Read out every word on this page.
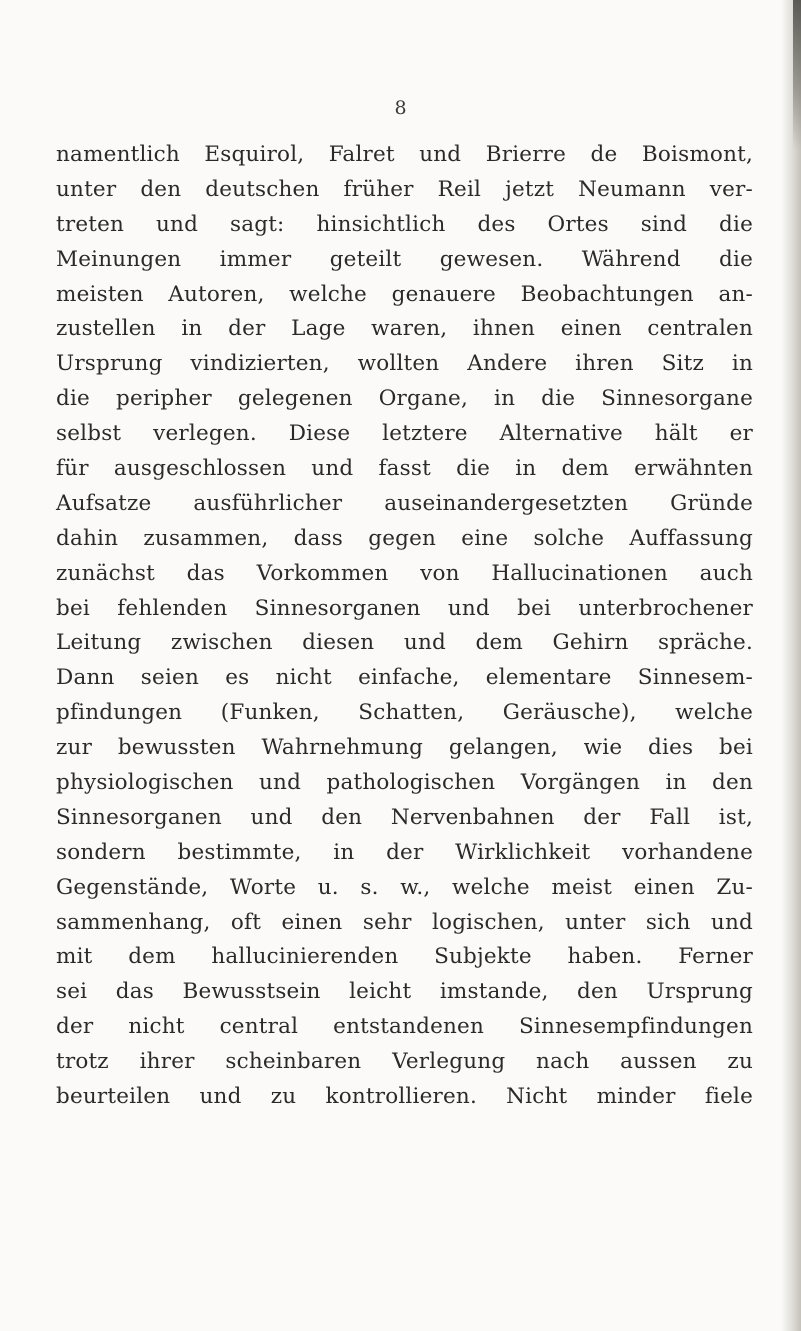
8
namentlich Esquirol, Falret und Brierre de Boismont,
unter den deutschen früher Reil jetzt Neumann ver-
treten und sagt: hinsichtlich des Ortes sind die
Meinungen immer geteilt gewesen. Während die
meisten Autoren, welche genauere Beobachtungen an-
zustellen in der Lage waren, ihnen einen centralen
Ursprung vindizierten, wollten Andere ihren Sitz in
die peripher gelegenen Organe, in die Sinnesorgane
selbst verlegen. Diese letztere Alternative hält er
für ausgeschlossen und fasst die in dem erwähnten
Aufsatze ausführlicher auseinandergesetzten Gründe
dahin zusammen, dass gegen eine solche Auffassung
zunächst das Vorkommen von Hallucinationen auch
bei fehlenden Sinnesorganen und bei unterbrochener
Leitung zwischen diesen und dem Gehirn spräche.
Dann seien es nicht einfache, elementare Sinnesem-
pfindungen (Funken, Schatten, Geräusche), welche
zur bewussten Wahrnehmung gelangen, wie dies bei
physiologischen und pathologischen Vorgängen in den
Sinnesorganen und den Nervenbahnen der Fall ist,
sondern bestimmte, in der Wirklichkeit vorhandene
Gegenstände, Worte u. s. w., welche meist einen Zu-
sammenhang, oft einen sehr logischen, unter sich und
mit dem hallucinierenden Subjekte haben. Ferner
sei das Bewusstsein leicht imstande, den Ursprung
der nicht central entstandenen Sinnesempfindungen
trotz ihrer scheinbaren Verlegung nach aussen zu
beurteilen und zu kontrollieren. Nicht minder fiele
